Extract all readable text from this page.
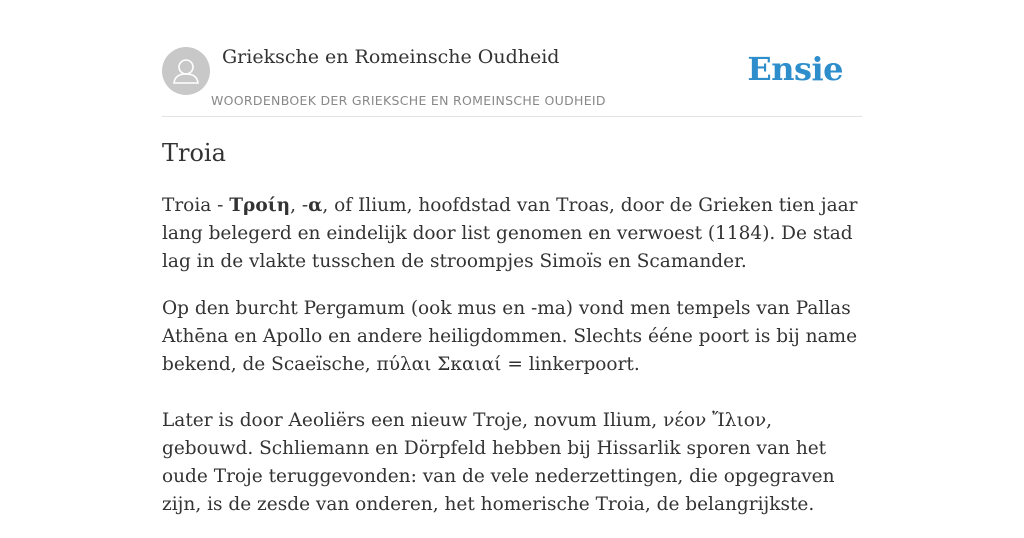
Grieksche en Romeinsche Oudheid
WOORDENBOEK DER GRIEKSCHE EN ROMEINSCHE OUDHEID
Ensie
Troia

Troia - Τροίη, -α, of Ilium, hoofdstad van Troas, door de Grieken tien jaar lang belegerd en eindelijk door list genomen en verwoest (1184). De stad lag in de vlakte tusschen de stroompjes Simoïs en Scamander.

Op den burcht Pergamum (ook mus en -ma) vond men tempels van Pallas Athēna en Apollo en andere heiligdommen. Slechts ééne poort is bij name bekend, de Scaeïsche, πύλαι Σκαιαί = linkerpoort.

Later is door Aeoliërs een nieuw Troje, novum Ilium, νέον Ἴλιον, gebouwd. Schliemann en Dörpfeld hebben bij Hissarlik sporen van het oude Troje teruggevonden: van de vele nederzettingen, die opgegraven zijn, is de zesde van onderen, het homerische Troia, de belangrijkste.
